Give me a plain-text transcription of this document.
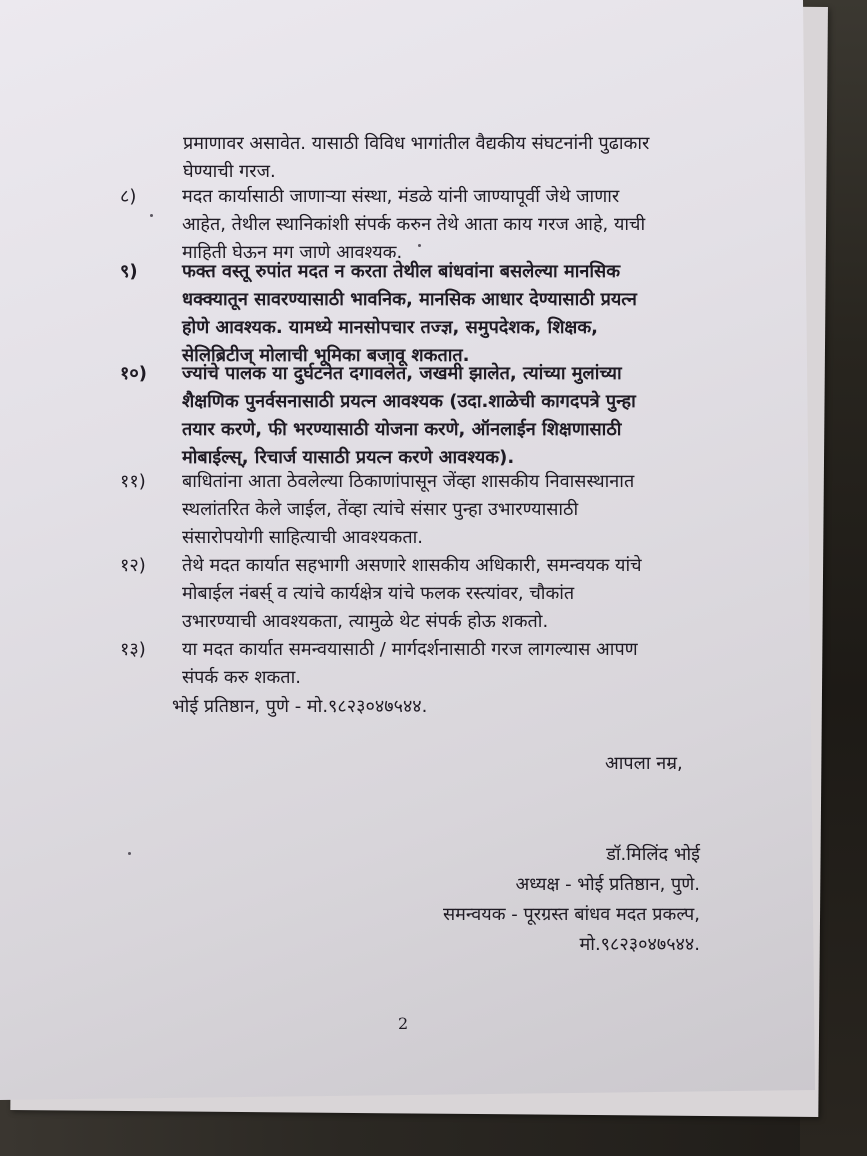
प्रमाणावर असावेत. यासाठी विविध भागांतील वैद्यकीय संघटनांनी पुढाकार
घेण्याची गरज.
८)	मदत कार्यासाठी जाणाऱ्या संस्था, मंडळे यांनी जाण्यापूर्वी जेथे जाणार
आहेत, तेथील स्थानिकांशी संपर्क करुन तेथे आता काय गरज आहे, याची
माहिती घेऊन मग जाणे आवश्यक.
९)	फक्त वस्तू रुपांत मदत न करता तेथील बांधवांना बसलेल्या मानसिक
धक्क्यातून सावरण्यासाठी भावनिक, मानसिक आधार देण्यासाठी प्रयत्न
होणे आवश्यक. यामध्ये मानसोपचार तज्ज्ञ, समुपदेशक, शिक्षक,
सेलिब्रिटीज् मोलाची भूमिका बजावू शकतात.
१०)	ज्यांचे पालक या दुर्घटनेत दगावलेत, जखमी झालेत, त्यांच्या मुलांच्या
शैक्षणिक पुनर्वसनासाठी प्रयत्न आवश्यक (उदा.शाळेची कागदपत्रे पुन्हा
तयार करणे, फी भरण्यासाठी योजना करणे, ऑनलाईन शिक्षणासाठी
मोबाईल्स्, रिचार्ज यासाठी प्रयत्न करणे आवश्यक).
११)	बाधितांना आता ठेवलेल्या ठिकाणांपासून जेंव्हा शासकीय निवासस्थानात
स्थलांतरित केले जाईल, तेंव्हा त्यांचे संसार पुन्हा उभारण्यासाठी
संसारोपयोगी साहित्याची आवश्यकता.
१२)	तेथे मदत कार्यात सहभागी असणारे शासकीय अधिकारी, समन्वयक यांचे
मोबाईल नंबर्स् व त्यांचे कार्यक्षेत्र यांचे फलक रस्त्यांवर, चौकांत
उभारण्याची आवश्यकता, त्यामुळे थेट संपर्क होऊ शकतो.
१३)	या मदत कार्यात समन्वयासाठी / मार्गदर्शनासाठी गरज लागल्यास आपण
संपर्क करु शकता.
भोई प्रतिष्ठान, पुणे - मो.९८२३०४७५४४.
आपला नम्र,
डॉ.मिलिंद भोई
अध्यक्ष - भोई प्रतिष्ठान, पुणे.
समन्वयक - पूरग्रस्त बांधव मदत प्रकल्प,
मो.९८२३०४७५४४.
2
